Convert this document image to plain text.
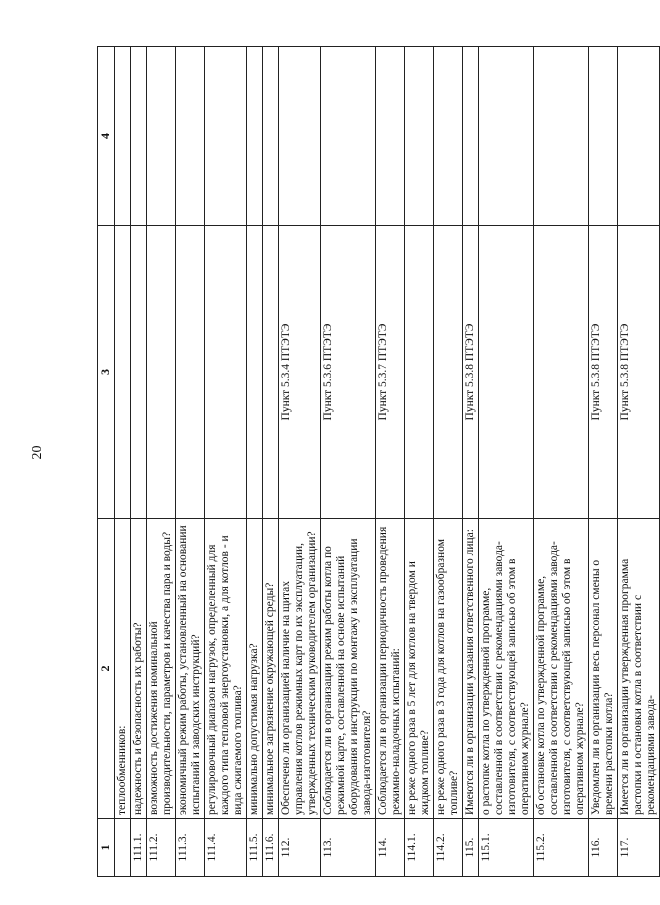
20
1	2	3	4
	теплообменников:		
111.1.	надежность и безопасность их работы?		
111.2.	возможность достижения номинальной производительности, параметров и качества пара и воды?		
111.3.	экономичный режим работы, установленный на основании испытаний и заводских инструкций?		
111.4.	регулировочный диапазон нагрузок, определенный для каждого типа тепловой энергоустановки, а для котлов - и вида сжигаемого топлива?		
111.5.	минимально допустимая нагрузка?		
111.6.	минимальное загрязнение окружающей среды?		
112.	Обеспечено ли организацией наличие на щитах управления котлов режимных карт по их эксплуатации, утвержденных техническим руководителем организации?	Пункт 5.3.4 ПТЭТЭ	
113.	Соблюдается ли в организации режим работы котла по режимной карте, составленной на основе испытаний оборудования и инструкции по монтажу и эксплуатации завода-изготовителя?	Пункт 5.3.6 ПТЭТЭ	
114.	Соблюдается ли в организации периодичность проведения режимно-наладочных испытаний:	Пункт 5.3.7 ПТЭТЭ	
114.1.	не реже одного раза в 5 лет для котлов на твердом и жидком топливе?		
114.2.	не реже одного раза в 3 года для котлов на газообразном топливе?		
115.	Имеются ли в организации указания ответственного лица:	Пункт 5.3.8 ПТЭТЭ	
115.1.	о растопке котла по утвержденной программе, составленной в соответствии с рекомендациями завода-изготовителя, с соответствующей записью об этом в оперативном журнале?		
115.2.	об остановке котла по утвержденной программе, составленной в соответствии с рекомендациями завода-изготовителя, с соответствующей записью об этом в оперативном журнале?		
116.	Уведомлен ли в организации весь персонал смены о времени растопки котла?	Пункт 5.3.8 ПТЭТЭ	
117.	Имеется ли в организации утвержденная программа растопки и остановки котла в соответствии с рекомендациями завода-	Пункт 5.3.8 ПТЭТЭ	
